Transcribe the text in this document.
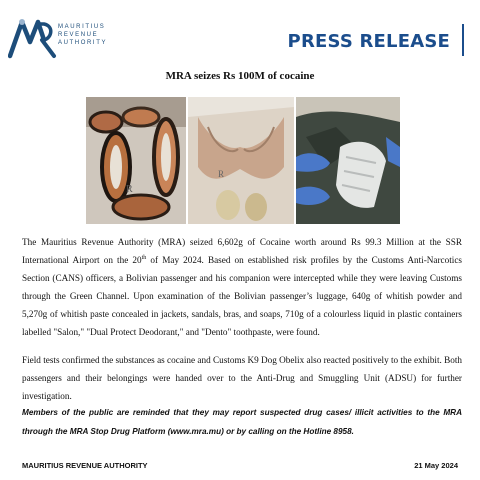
MAURITIUS
REVENUE
AUTHORITY	PRESS RELEASE
MRA seizes Rs 100M of cocaine
R
R

The Mauritius Revenue Authority (MRA) seized 6,602g of Cocaine worth around Rs 99.3 Million at the SSR International Airport on the 20th of May 2024. Based on established risk profiles by the Customs Anti-Narcotics Section (CANS) officers, a Bolivian passenger and his companion were intercepted while they were leaving Customs through the Green Channel. Upon examination of the Bolivian passenger’s luggage, 640g of whitish powder and 5,270g of whitish paste concealed in jackets, sandals, bras, and soaps, 710g of a colourless liquid in plastic containers labelled "Salon," "Dual Protect Deodorant," and "Dento" toothpaste, were found.

Field tests confirmed the substances as cocaine and Customs K9 Dog Obelix also reacted positively to the exhibit. Both passengers and their belongings were handed over to the Anti-Drug and Smuggling Unit (ADSU) for further investigation.

Members of the public are reminded that they may report suspected drug cases/ illicit activities to the MRA through the MRA Stop Drug Platform (www.mra.mu) or by calling on the Hotline 8958.
MAURITIUS REVENUE AUTHORITY	21 May 2024
